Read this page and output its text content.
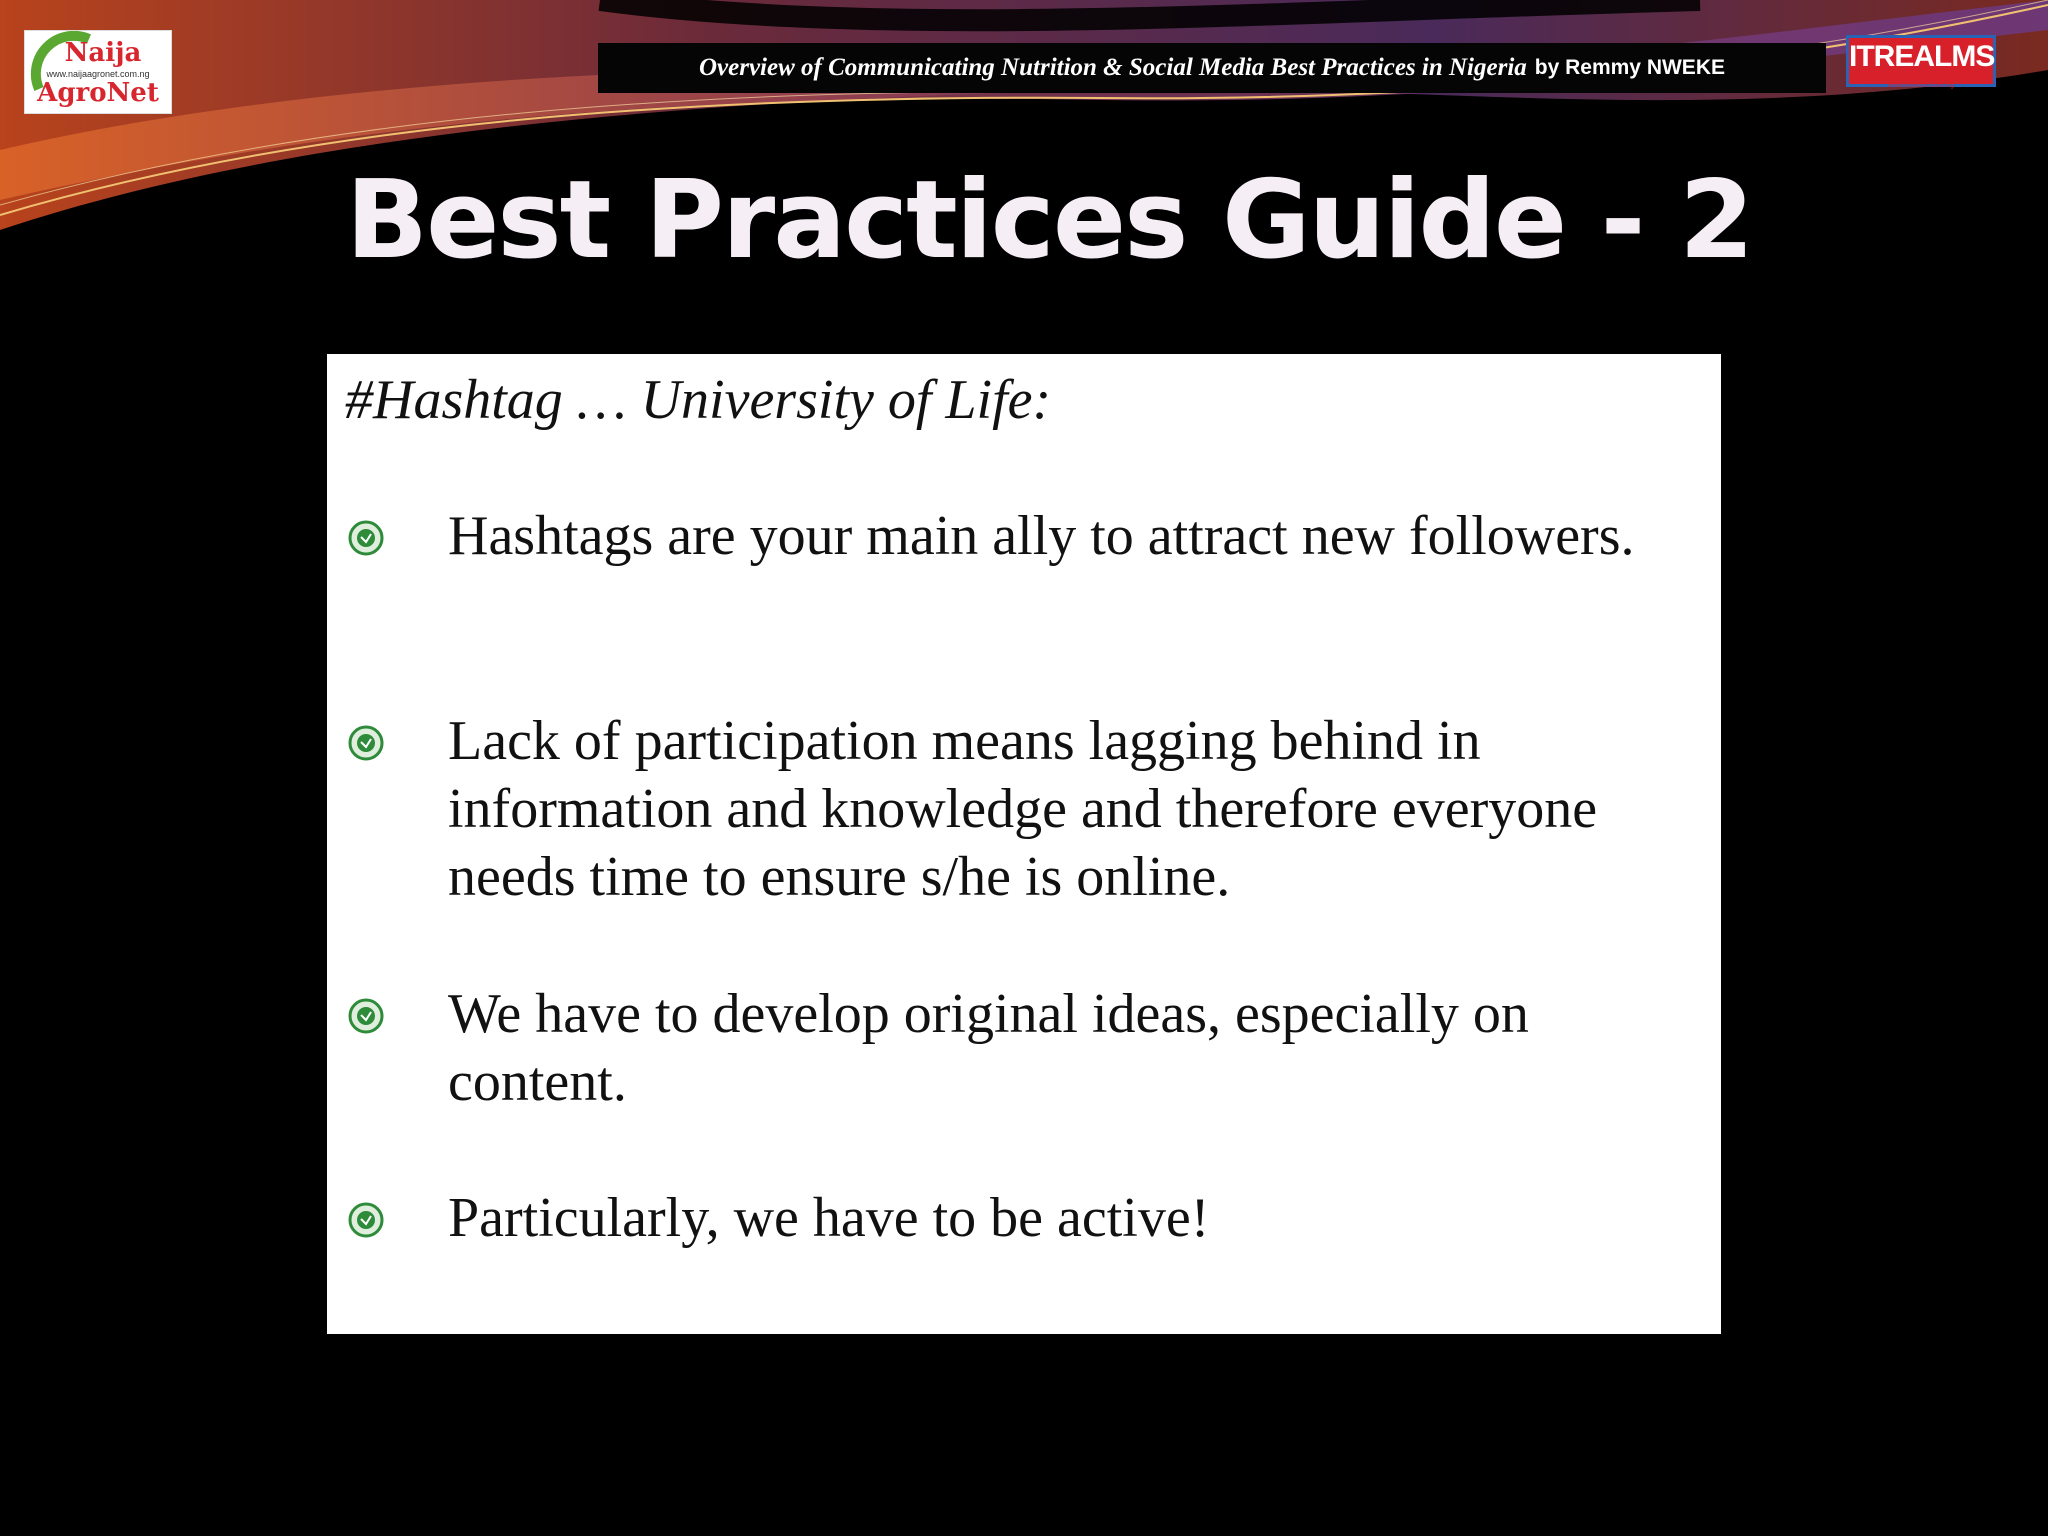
Naija
www.naijaagronet.com.ng
AgroNet
Overview of Communicating Nutrition & Social Media Best Practices in Nigeria by Remmy NWEKE	ITREALMS
www.itrealms.com.ng
Best Practices Guide - 2
#Hashtag … University of Life:
Hashtags are your main ally to attract new followers.
Lack of participation means lagging behind in information and knowledge and therefore everyone needs time to ensure s/he is online.
We have to develop original ideas, especially on content.
Particularly, we have to be active!
